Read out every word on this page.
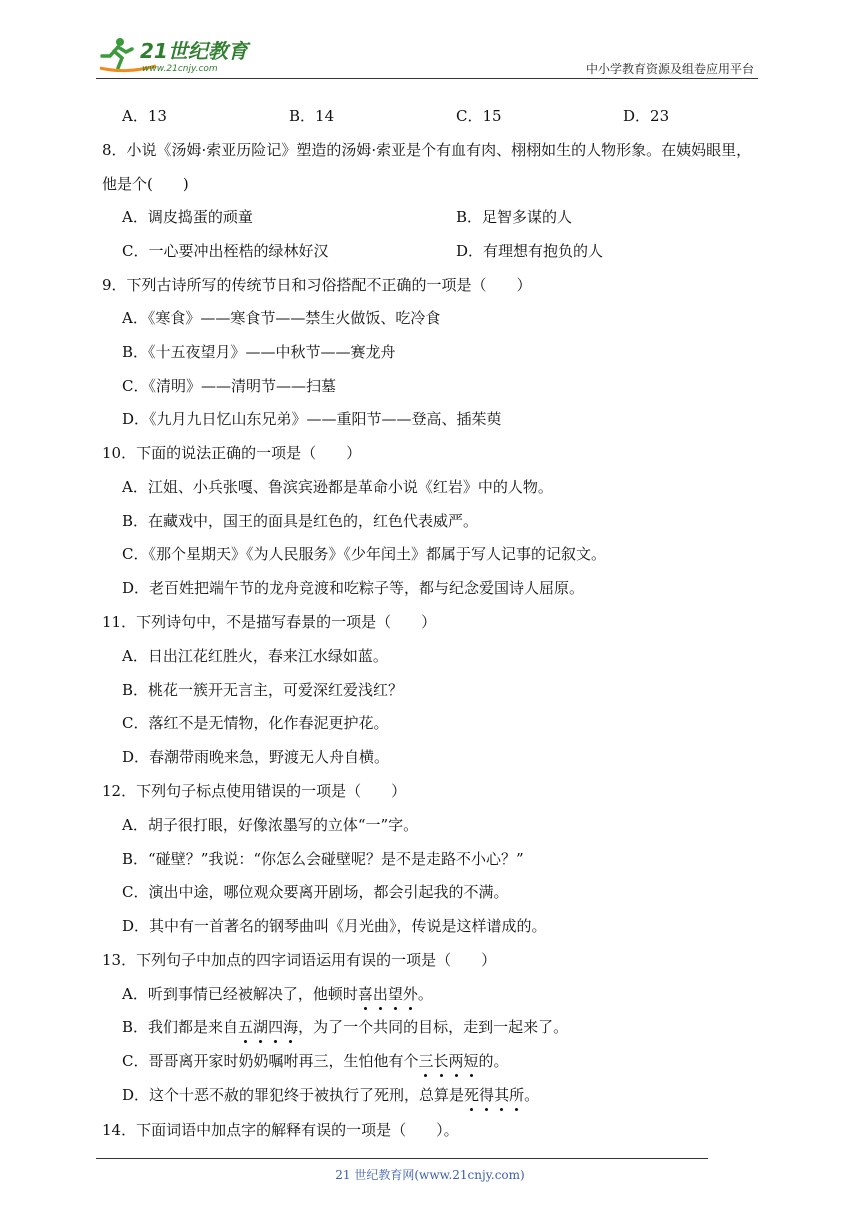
21世纪教育
www.21cnjy.com	中小学教育资源及组卷应用平台
A．13	B．14	C．15	D．23
8．小说《汤姆·索亚历险记》塑造的汤姆·索亚是个有血有肉、栩栩如生的人物形象。在姨妈眼里，
他是个(　　)
A．调皮捣蛋的顽童	B．足智多谋的人
C．一心要冲出桎梏的绿林好汉	D．有理想有抱负的人
9．下列古诗所写的传统节日和习俗搭配不正确的一项是（　　）
A．《寒食》——寒食节——禁生火做饭、吃冷食
B．《十五夜望月》——中秋节——赛龙舟
C．《清明》——清明节——扫墓
D．《九月九日忆山东兄弟》——重阳节——登高、插茱萸
10．下面的说法正确的一项是（　　）
A．江姐、小兵张嘎、鲁滨宾逊都是革命小说《红岩》中的人物。
B．在藏戏中，国王的面具是红色的，红色代表威严。
C．《那个星期天》《为人民服务》《少年闰土》都属于写人记事的记叙文。
D．老百姓把端午节的龙舟竞渡和吃粽子等，都与纪念爱国诗人屈原。
11．下列诗句中，不是描写春景的一项是（　　）
A．日出江花红胜火，春来江水绿如蓝。
B．桃花一簇开无言主，可爱深红爱浅红？
C．落红不是无情物，化作春泥更护花。
D．春潮带雨晚来急，野渡无人舟自横。
12．下列句子标点使用错误的一项是（　　）
A．胡子很打眼，好像浓墨写的立体“一”字。
B．“碰壁？”我说：“你怎么会碰壁呢？是不是走路不小心？”
C．演出中途，哪位观众要离开剧场，都会引起我的不满。
D．其中有一首著名的钢琴曲叫《月光曲》，传说是这样谱成的。
13．下列句子中加点的四字词语运用有误的一项是（　　）
A．听到事情已经被解决了，他顿时喜出望外。
B．我们都是来自五湖四海，为了一个共同的目标，走到一起来了。
C．哥哥离开家时奶奶嘱咐再三，生怕他有个三长两短的。
D．这个十恶不赦的罪犯终于被执行了死刑，总算是死得其所。
14．下面词语中加点字的解释有误的一项是（　　）。
21 世纪教育网(www.21cnjy.com)
